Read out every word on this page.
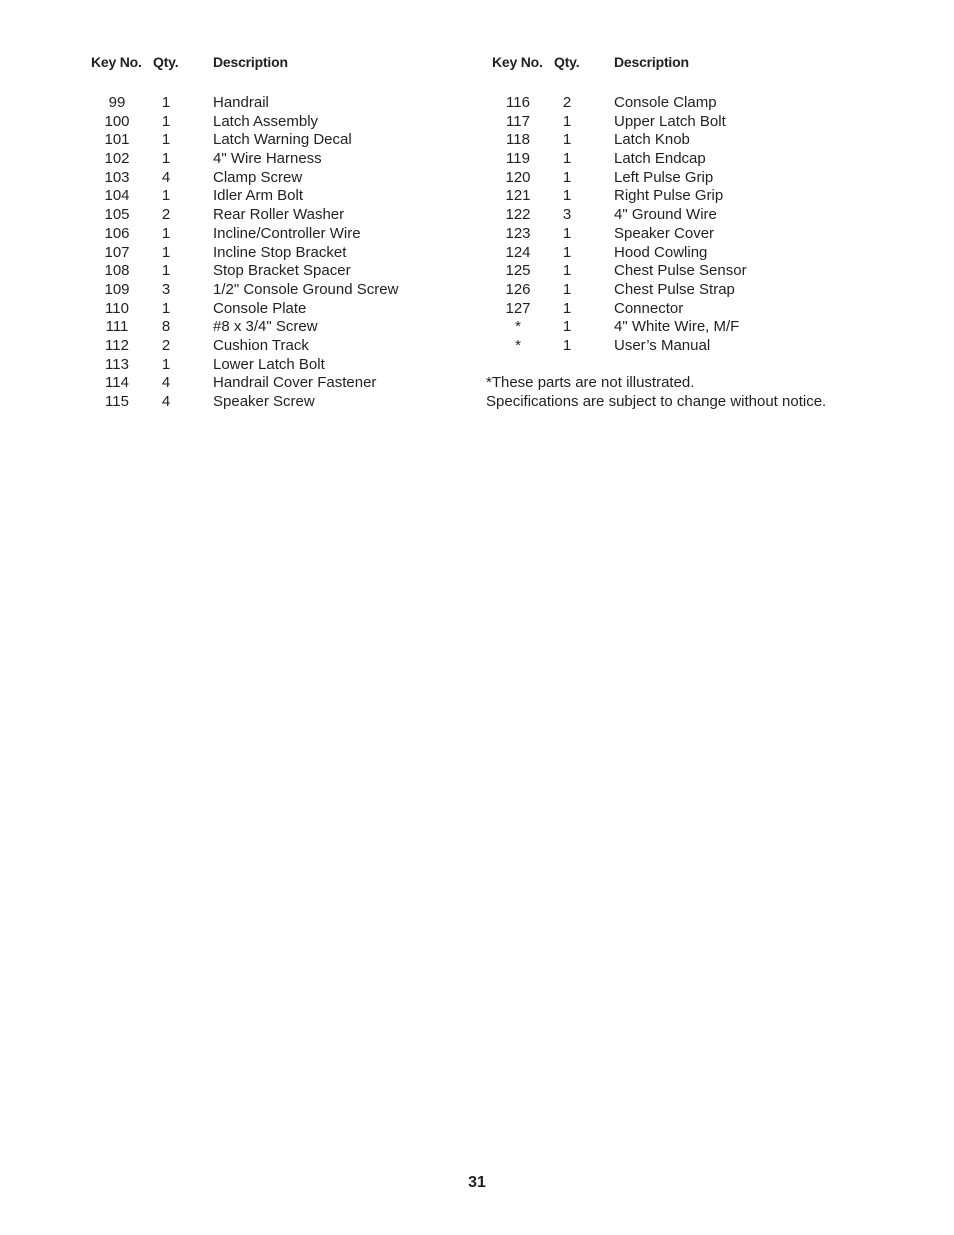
Key No. Qty. Description
99	1	Handrail
100	1	Latch Assembly
101	1	Latch Warning Decal
102	1	4" Wire Harness
103	4	Clamp Screw
104	1	Idler Arm Bolt
105	2	Rear Roller Washer
106	1	Incline/Controller Wire
107	1	Incline Stop Bracket
108	1	Stop Bracket Spacer
109	3	1/2" Console Ground Screw
110	1	Console Plate
111	8	#8 x 3/4" Screw
112	2	Cushion Track
113	1	Lower Latch Bolt
114	4	Handrail Cover Fastener
115	4	Speaker Screw
Key No. Qty. Description
116	2	Console Clamp
117	1	Upper Latch Bolt
118	1	Latch Knob
119	1	Latch Endcap
120	1	Left Pulse Grip
121	1	Right Pulse Grip
122	3	4" Ground Wire
123	1	Speaker Cover
124	1	Hood Cowling
125	1	Chest Pulse Sensor
126	1	Chest Pulse Strap
127	1	Connector
*	1	4" White Wire, M/F
*	1	User’s Manual
*These parts are not illustrated.
Specifications are subject to change without notice.
31
